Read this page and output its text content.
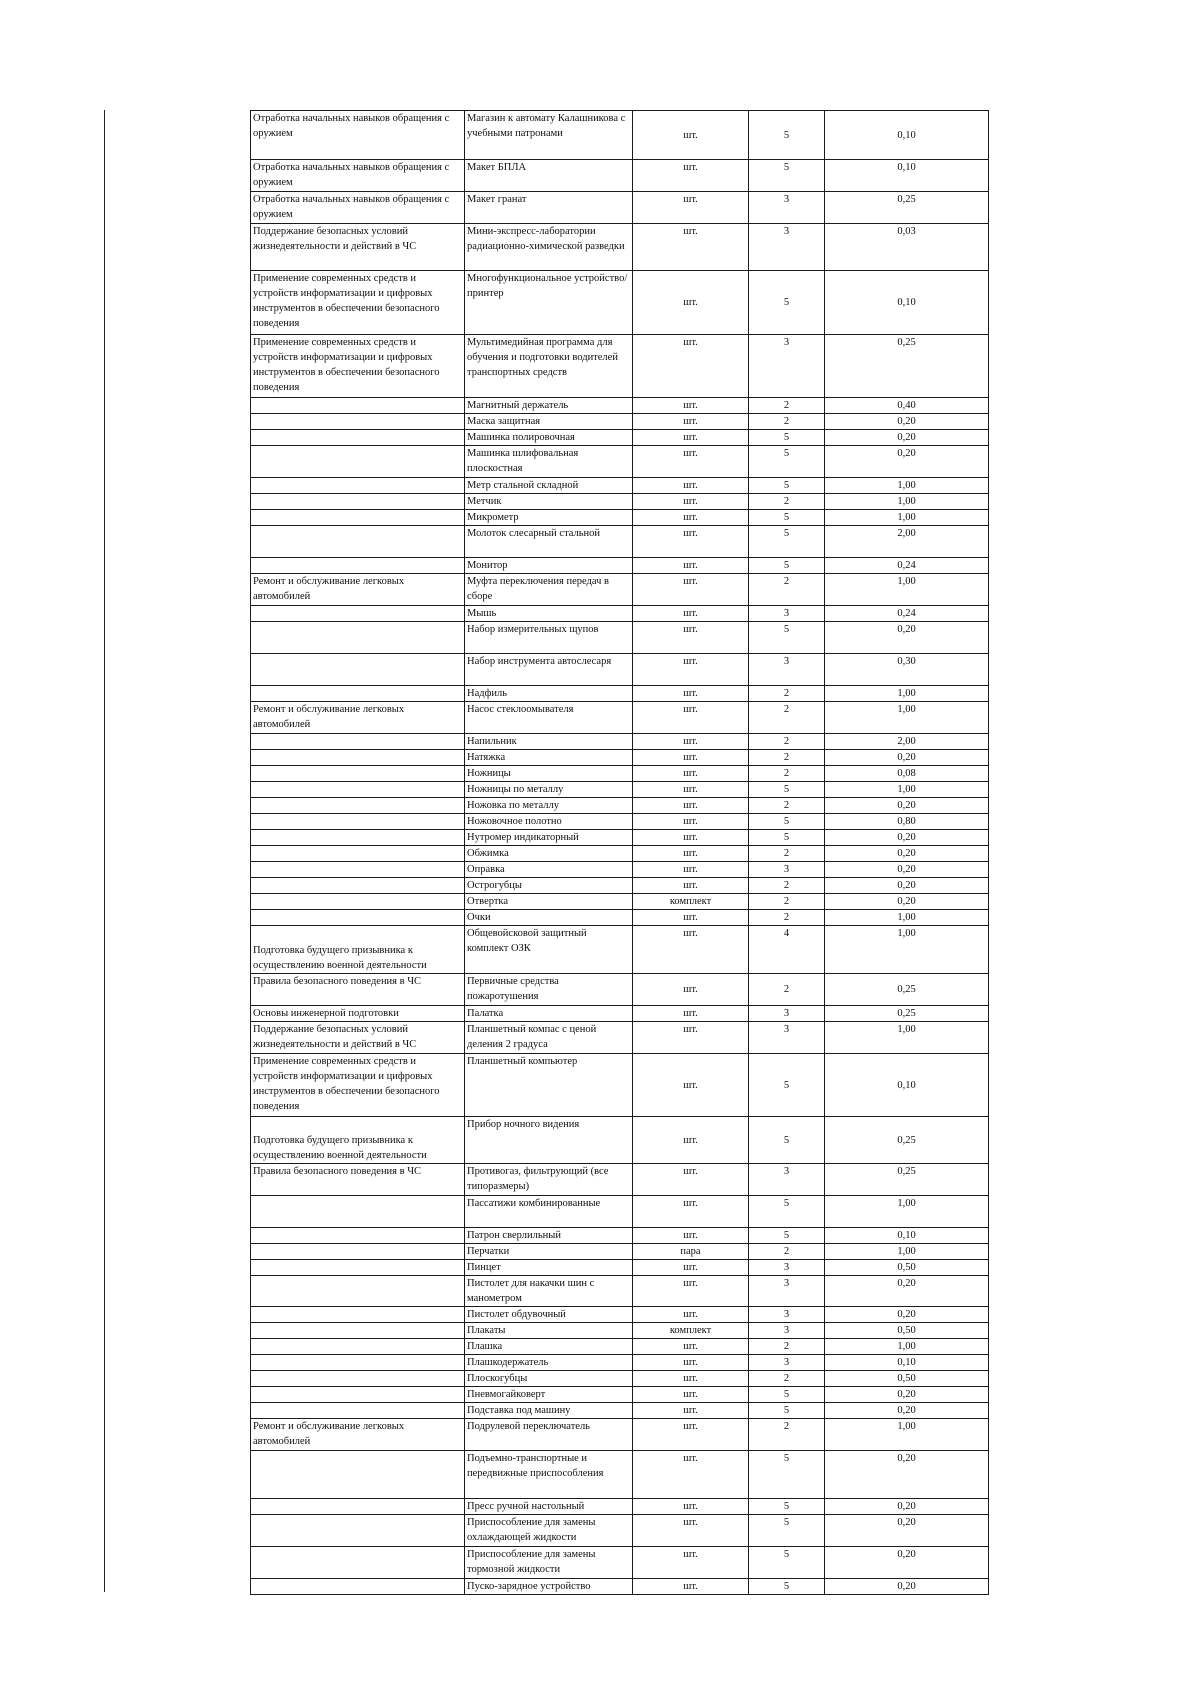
Отработка начальных навыков обращения с оружием	Магазин к автомату Калашникова с учебными патронами	шт.	5	0,10
Отработка начальных навыков обращения с оружием	Макет БПЛА	шт.	5	0,10
Отработка начальных навыков обращения с оружием	Макет гранат	шт.	3	0,25
Поддержание безопасных условий жизнедеятельности и действий в ЧС	Мини-экспресс-лаборатории радиационно-химической разведки	шт.	3	0,03
Применение современных средств и устройств информатизации и цифровых инструментов в обеспечении безопасного поведения	Многофункциональное устройство/принтер	шт.	5	0,10
Применение современных средств и устройств информатизации и цифровых инструментов в обеспечении безопасного поведения	Мультимедийная программа для обучения и подготовки водителей транспортных средств	шт.	3	0,25
	Магнитный держатель	шт.	2	0,40
	Маска защитная	шт.	2	0,20
	Машинка полировочная	шт.	5	0,20
	Машинка шлифовальная плоскостная	шт.	5	0,20
	Метр стальной складной	шт.	5	1,00
	Метчик	шт.	2	1,00
	Микрометр	шт.	5	1,00
	Молоток слесарный стальной	шт.	5	2,00
	Монитор	шт.	5	0,24
Ремонт и обслуживание легковых автомобилей	Муфта переключения передач в сборе	шт.	2	1,00
	Мышь	шт.	3	0,24
	Набор измерительных щупов	шт.	5	0,20
	Набор инструмента автослесаря	шт.	3	0,30
	Надфиль	шт.	2	1,00
Ремонт и обслуживание легковых автомобилей	Насос стеклоомывателя	шт.	2	1,00
	Напильник	шт.	2	2,00
	Натяжка	шт.	2	0,20
	Ножницы	шт.	2	0,08
	Ножницы по металлу	шт.	5	1,00
	Ножовка по металлу	шт.	2	0,20
	Ножовочное полотно	шт.	5	0,80
	Нутромер индикаторный	шт.	5	0,20
	Обжимка	шт.	2	0,20
	Оправка	шт.	3	0,20
	Острогубцы	шт.	2	0,20
	Отвертка	комплект	2	0,20
	Очки	шт.	2	1,00
Подготовка будущего призывника к осуществлению военной деятельности	Общевойсковой защитный комплект ОЗК	шт.	4	1,00
Правила безопасного поведения в ЧС	Первичные средства пожаротушения	шт.	2	0,25
Основы инженерной подготовки	Палатка	шт.	3	0,25
Поддержание безопасных условий жизнедеятельности и действий в ЧС	Планшетный компас с ценой деления 2 градуса	шт.	3	1,00
Применение современных средств и устройств информатизации и цифровых инструментов в обеспечении безопасного поведения	Планшетный компьютер	шт.	5	0,10
Подготовка будущего призывника к осуществлению военной деятельности	Прибор ночного видения	шт.	5	0,25
Правила безопасного поведения в ЧС	Противогаз, фильтрующий (все типоразмеры)	шт.	3	0,25
	Пассатижи комбинированные	шт.	5	1,00
	Патрон сверлильный	шт.	5	0,10
	Перчатки	пара	2	1,00
	Пинцет	шт.	3	0,50
	Пистолет для накачки шин с манометром	шт.	3	0,20
	Пистолет обдувочный	шт.	3	0,20
	Плакаты	комплект	3	0,50
	Плашка	шт.	2	1,00
	Плашкодержатель	шт.	3	0,10
	Плоскогубцы	шт.	2	0,50
	Пневмогайковерт	шт.	5	0,20
	Подставка под машину	шт.	5	0,20
Ремонт и обслуживание легковых автомобилей	Подрулевой переключатель	шт.	2	1,00
	Подъемно-транспортные и передвижные приспособления	шт.	5	0,20
	Пресс ручной настольный	шт.	5	0,20
	Приспособление для замены охлаждающей жидкости	шт.	5	0,20
	Приспособление для замены тормозной жидкости	шт.	5	0,20
	Пуско-зарядное устройство	шт.	5	0,20
